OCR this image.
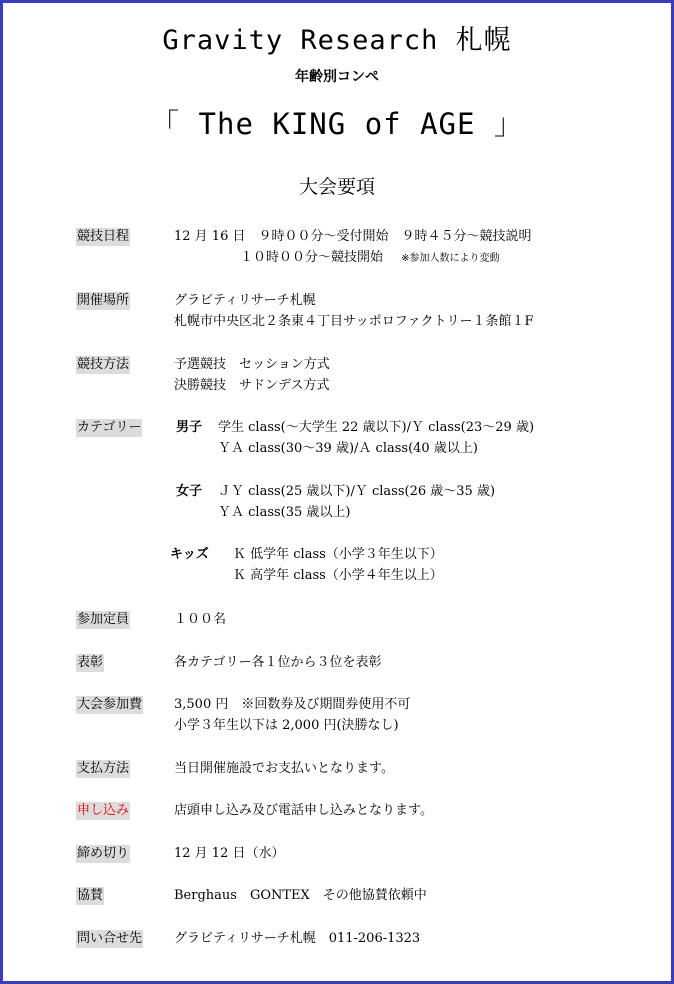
Gravity Research 札幌
年齢別コンペ
「 The KING of AGE 」
大会要項
競技日程	12 月 16 日　９時００分～受付開始　９時４５分～競技説明
１０時００分～競技開始 ※参加人数により変動
開催場所	グラビティリサーチ札幌
札幌市中央区北２条東４丁目サッポロファクトリー１条館１F
競技方法	予選競技　セッション方式
決勝競技　サドンデス方式
カテゴリー	男子 学生 class(～大学生 22 歳以下)/Ｙ class(23～29 歳)
ＹＡ class(30～39 歳)/Ａ class(40 歳以上)
女子 ＪＹ class(25 歳以下)/Ｙ class(26 歳～35 歳)
ＹＡ class(35 歳以上)
キッズ Ｋ 低学年 class（小学３年生以下）
Ｋ 高学年 class（小学４年生以上）
参加定員	１００名
表彰	各カテゴリー各１位から３位を表彰
大会参加費 3,500 円　※回数券及び期間券使用不可
小学３年生以下は 2,000 円(決勝なし)
支払方法	当日開催施設でお支払いとなります。
申し込み	店頭申し込み及び電話申し込みとなります。
締め切り	12 月 12 日（水）
協賛	Berghaus　GONTEX　その他協賛依頼中
問い合せ先 グラビティリサーチ札幌　011‐206‐1323
